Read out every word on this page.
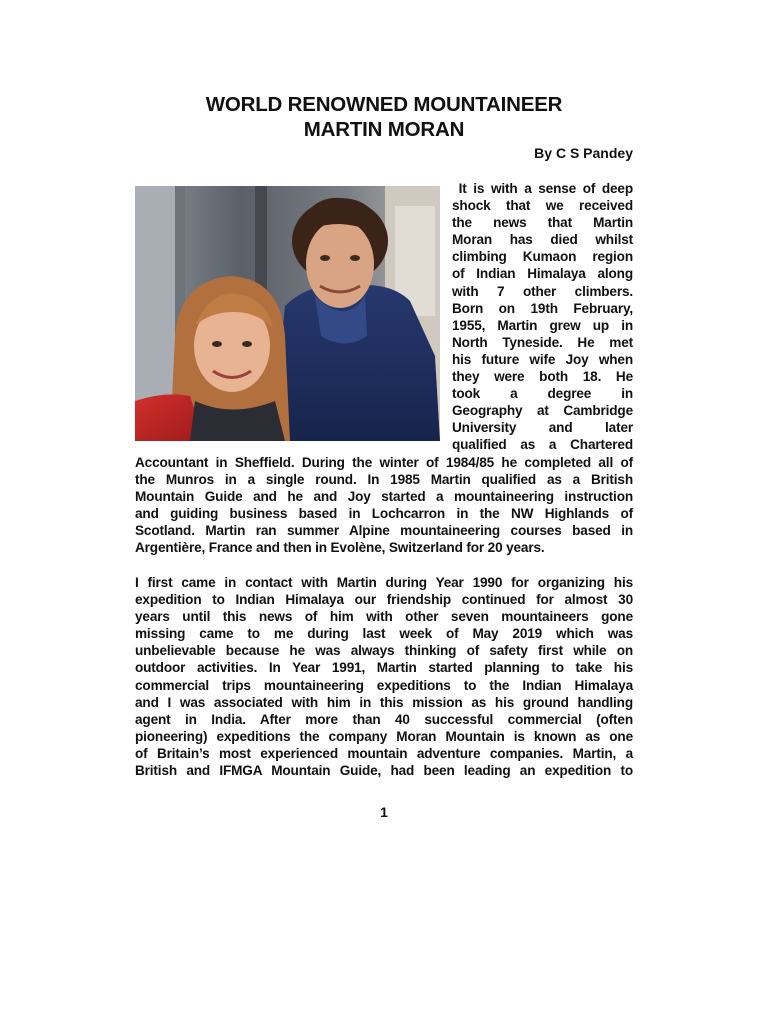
WORLD RENOWNED MOUNTAINEER
MARTIN MORAN
By C S Pandey

It is with a sense of deep

shock that we received

the news that Martin

Moran has died whilst

climbing Kumaon region

of Indian Himalaya along

with 7 other climbers.

Born on 19th February,

1955, Martin grew up in

North Tyneside. He met

his future wife Joy when

they were both 18. He

took a degree in

Geography at Cambridge

University and later

qualified as a Chartered

Accountant in Sheffield. During the winter of 1984/85 he completed all of

the Munros in a single round. In 1985 Martin qualified as a British

Mountain Guide and he and Joy started a mountaineering instruction

and guiding business based in Lochcarron in the NW Highlands of

Scotland. Martin ran summer Alpine mountaineering courses based in

Argentière, France and then in Evolène, Switzerland for 20 years.

I first came in contact with Martin during Year 1990 for organizing his

expedition to Indian Himalaya our friendship continued for almost 30

years until this news of him with other seven mountaineers gone

missing came to me during last week of May 2019 which was

unbelievable because he was always thinking of safety first while on

outdoor activities. In Year 1991, Martin started planning to take his

commercial trips mountaineering expeditions to the Indian Himalaya

and I was associated with him in this mission as his ground handling

agent in India. After more than 40 successful commercial (often

pioneering) expeditions the company Moran Mountain is known as one

of Britain’s most experienced mountain adventure companies. Martin, a

British and IFMGA Mountain Guide, had been leading an expedition to

1
